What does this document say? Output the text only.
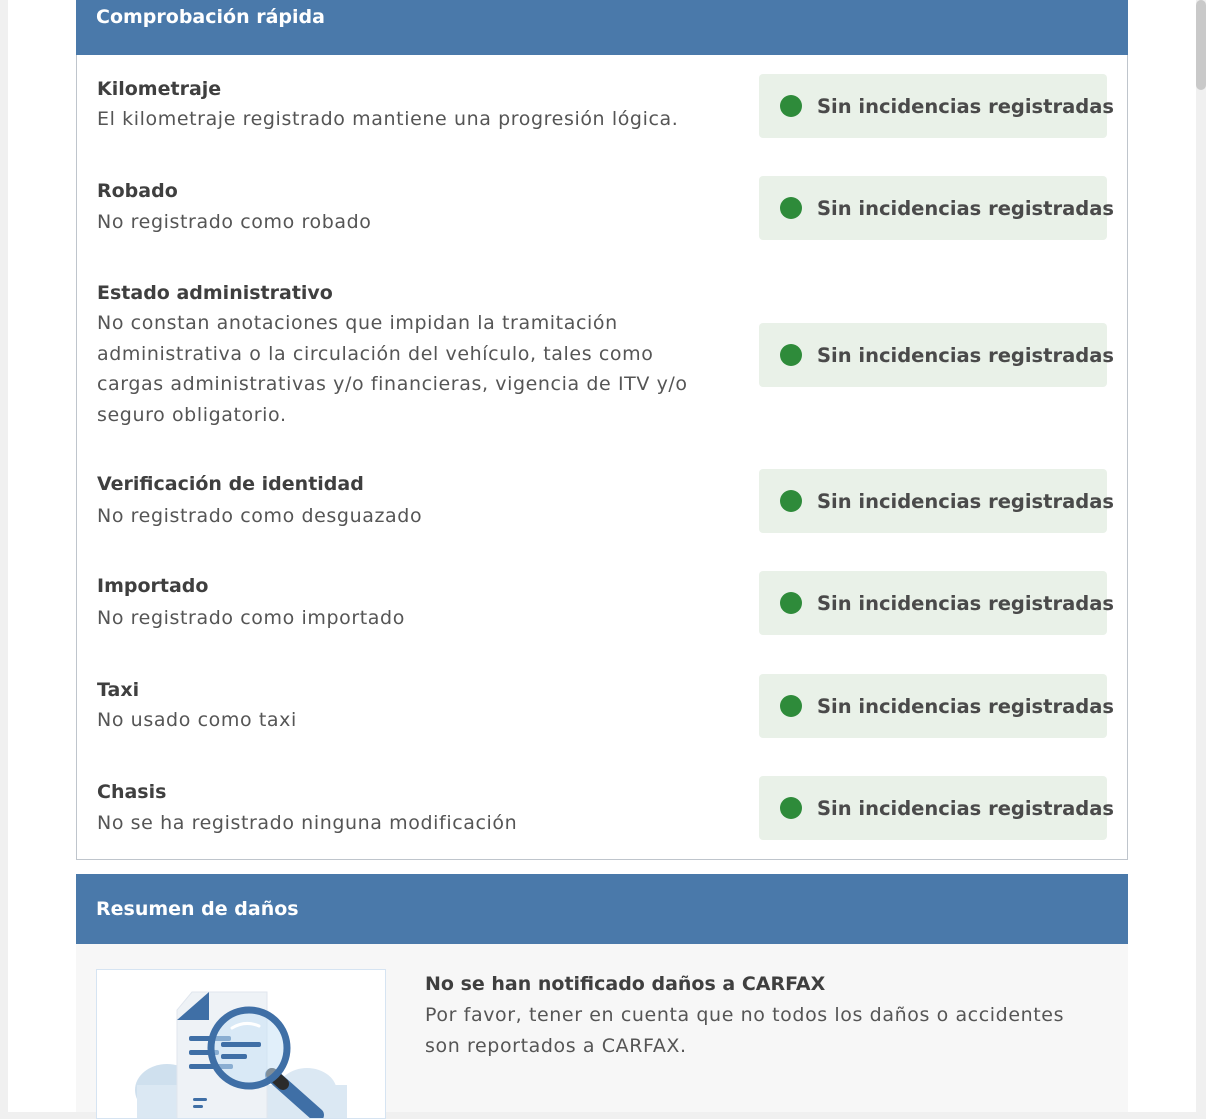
Comprobación rápida
Kilometraje
El kilometraje registrado mantiene una progresión lógica.
Sin incidencias registradas
Robado
No registrado como robado
Sin incidencias registradas
Estado administrativo
No constan anotaciones que impidan la tramitación administrativa o la circulación del vehículo, tales como cargas administrativas y/o financieras, vigencia de ITV y/o seguro obligatorio.
Sin incidencias registradas
Verificación de identidad
No registrado como desguazado
Sin incidencias registradas
Importado
No registrado como importado
Sin incidencias registradas
Taxi
No usado como taxi
Sin incidencias registradas
Chasis
No se ha registrado ninguna modificación
Sin incidencias registradas
Resumen de daños
No se han notificado daños a CARFAX
Por favor, tener en cuenta que no todos los daños o accidentes son reportados a CARFAX.
